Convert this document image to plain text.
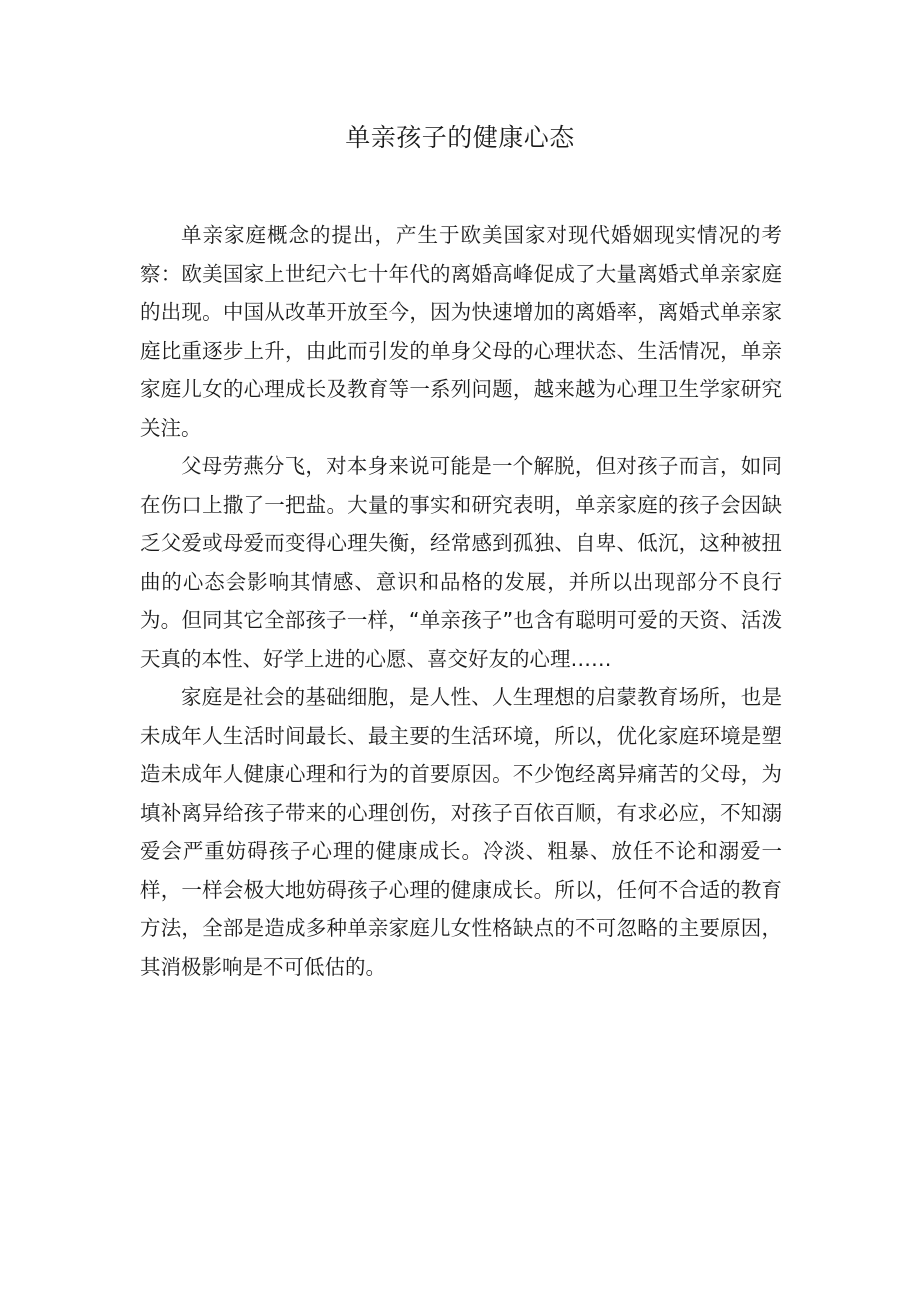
单亲孩子的健康心态

单亲家庭概念的提出，产生于欧美国家对现代婚姻现实情况的考察：欧美国家上世纪六七十年代的离婚高峰促成了大量离婚式单亲家庭的出现。中国从改革开放至今，因为快速增加的离婚率，离婚式单亲家庭比重逐步上升，由此而引发的单身父母的心理状态、生活情况，单亲家庭儿女的心理成长及教育等一系列问题，越来越为心理卫生学家研究关注。

父母劳燕分飞，对本身来说可能是一个解脱，但对孩子而言，如同在伤口上撒了一把盐。大量的事实和研究表明，单亲家庭的孩子会因缺乏父爱或母爱而变得心理失衡，经常感到孤独、自卑、低沉，这种被扭曲的心态会影响其情感、意识和品格的发展，并所以出现部分不良行为。但同其它全部孩子一样，“单亲孩子”也含有聪明可爱的天资、活泼天真的本性、好学上进的心愿、喜交好友的心理……

家庭是社会的基础细胞，是人性、人生理想的启蒙教育场所，也是未成年人生活时间最长、最主要的生活环境，所以，优化家庭环境是塑造未成年人健康心理和行为的首要原因。不少饱经离异痛苦的父母，为填补离异给孩子带来的心理创伤，对孩子百依百顺，有求必应，不知溺爱会严重妨碍孩子心理的健康成长。冷淡、粗暴、放任不论和溺爱一样，一样会极大地妨碍孩子心理的健康成长。所以，任何不合适的教育方法，全部是造成多种单亲家庭儿女性格缺点的不可忽略的主要原因，其消极影响是不可低估的。
